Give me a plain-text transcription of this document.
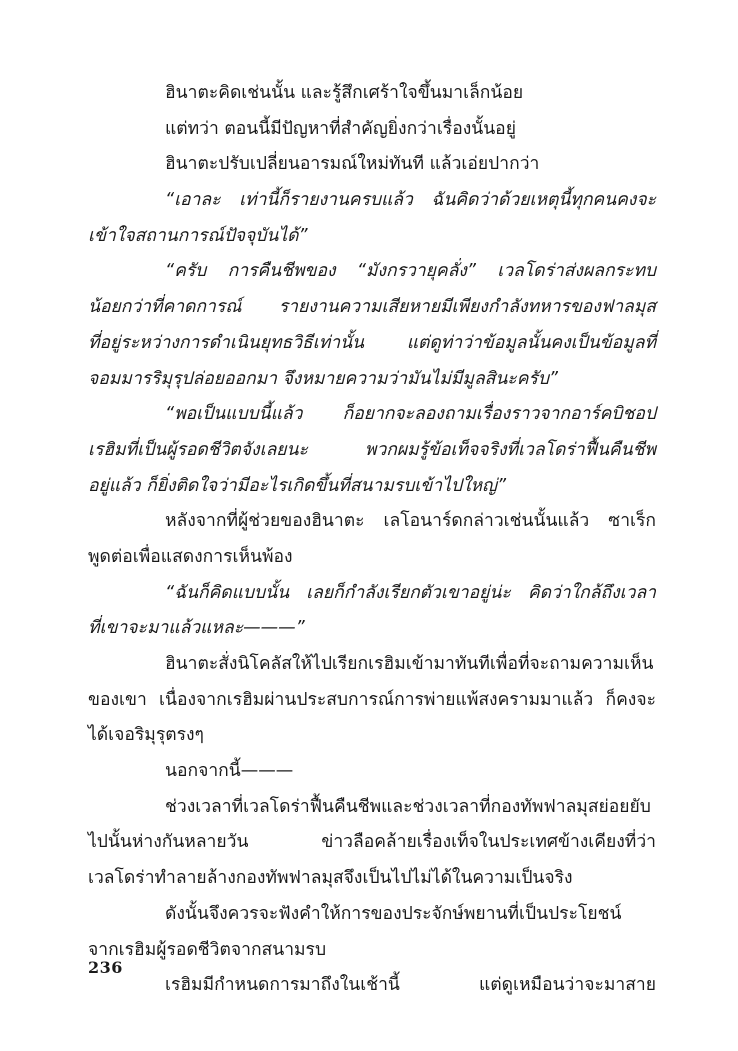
ฮินาตะคิดเช่นนั้น และรู้สึกเศร้าใจขึ้นมาเล็กน้อย
แต่ทว่า ตอนนี้มีปัญหาที่สำคัญยิ่งกว่าเรื่องนั้นอยู่
ฮินาตะปรับเปลี่ยนอารมณ์ใหม่ทันที แล้วเอ่ยปากว่า
“เอาละ เท่านี้ก็รายงานครบแล้ว ฉันคิดว่าด้วยเหตุนี้ทุกคนคงจะ
เข้าใจสถานการณ์ปัจจุบันได้”
“ครับ การคืนชีพของ “มังกรวายุคลั่ง” เวลโดร่าส่งผลกระทบ
น้อยกว่าที่คาดการณ์ รายงานความเสียหายมีเพียงกำลังทหารของฟาลมุส
ที่อยู่ระหว่างการดำเนินยุทธวิธีเท่านั้น แต่ดูท่าว่าข้อมูลนั้นคงเป็นข้อมูลที่
จอมมารริมุรุปล่อยออกมา จึงหมายความว่ามันไม่มีมูลสินะครับ”
“พอเป็นแบบนี้แล้ว ก็อยากจะลองถามเรื่องราวจากอาร์คบิชอป
เรฮิมที่เป็นผู้รอดชีวิตจังเลยนะ พวกผมรู้ข้อเท็จจริงที่เวลโดร่าฟื้นคืนชีพ
อยู่แล้ว ก็ยิ่งติดใจว่ามีอะไรเกิดขึ้นที่สนามรบเข้าไปใหญ่”
หลังจากที่ผู้ช่วยของฮินาตะ เลโอนาร์ดกล่าวเช่นนั้นแล้ว ซาเร็ก
พูดต่อเพื่อแสดงการเห็นพ้อง
“ฉันก็คิดแบบนั้น เลยก็กำลังเรียกตัวเขาอยู่น่ะ คิดว่าใกล้ถึงเวลา
ที่เขาจะมาแล้วแหละ———”
ฮินาตะสั่งนิโคลัสให้ไปเรียกเรฮิมเข้ามาทันทีเพื่อที่จะถามความเห็น
ของเขา เนื่องจากเรฮิมผ่านประสบการณ์การพ่ายแพ้สงครามมาแล้ว ก็คงจะ
ได้เจอริมุรุตรงๆ
นอกจากนี้———
ช่วงเวลาที่เวลโดร่าฟื้นคืนชีพและช่วงเวลาที่กองทัพฟาลมุสย่อยยับ
ไปนั้นห่างกันหลายวัน ข่าวลือคล้ายเรื่องเท็จในประเทศข้างเคียงที่ว่า
เวลโดร่าทำลายล้างกองทัพฟาลมุสจึงเป็นไปไม่ได้ในความเป็นจริง
ดังนั้นจึงควรจะฟังคำให้การของประจักษ์พยานที่เป็นประโยชน์
จากเรฮิมผู้รอดชีวิตจากสนามรบ
เรฮิมมีกำหนดการมาถึงในเช้านี้ แต่ดูเหมือนว่าจะมาสาย
236
